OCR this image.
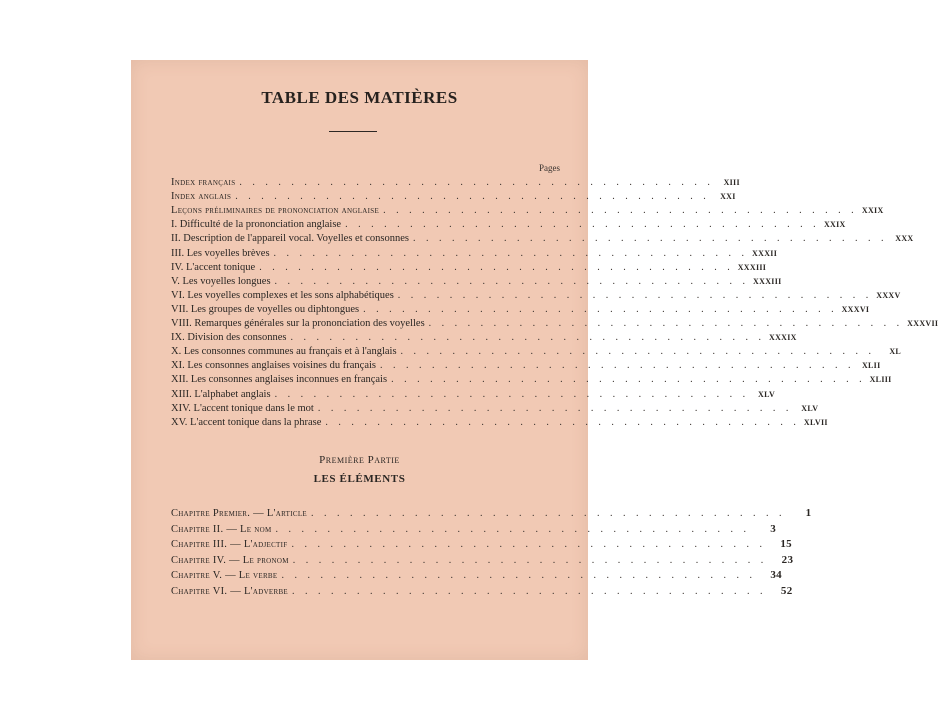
TABLE DES MATIÈRES
Pages
Index français . . . . . . . . . . . . . . . . . . . . . . . . . . . . . . . . . . . . .	XIII
Index anglais . . . . . . . . . . . . . . . . . . . . . . . . . . . . . . . . . . . . .	XXI
Leçons préliminaires de prononciation anglaise . . . . . . . . . . . . . . . . . . . . . . . . . . . . . . . . . . . . . XXIX
I. Difficulté de la prononciation anglaise . . . . . . . . . . . . . . . . . . . . . . . . . . . . . . . . . . . . . XXIX
II. Description de l'appareil vocal. Voyelles et consonnes . . . . . . . . . . . . . . . . . . . . . . . . . . . . . . . . . . . . . XXX
III. Les voyelles brèves . . . . . . . . . . . . . . . . . . . . . . . . . . . . . . . . . . . . . XXXII
IV. L'accent tonique . . . . . . . . . . . . . . . . . . . . . . . . . . . . . . . . . . . . . XXXIII
V. Les voyelles longues . . . . . . . . . . . . . . . . . . . . . . . . . . . . . . . . . . . . . XXXIII
VI. Les voyelles complexes et les sons alphabétiques . . . . . . . . . . . . . . . . . . . . . . . . . . . . . . . . . . . . . XXXV
VII. Les groupes de voyelles ou diphtongues . . . . . . . . . . . . . . . . . . . . . . . . . . . . . . . . . . . . . XXXVI
VIII. Remarques générales sur la prononciation des voyelles . . . . . . . . . . . . . . . . . . . . . . . . . . . . . . . . . . . . . XXXVII
IX. Division des consonnes . . . . . . . . . . . . . . . . . . . . . . . . . . . . . . . . . . . . . XXXIX
X. Les consonnes communes au français et à l'anglais . . . . . . . . . . . . . . . . . . . . . . . . . . . . . . . . . . . . .	XL
XI. Les consonnes anglaises voisines du français . . . . . . . . . . . . . . . . . . . . . . . . . . . . . . . . . . . . . XLII
XII. Les consonnes anglaises inconnues en français . . . . . . . . . . . . . . . . . . . . . . . . . . . . . . . . . . . . . XLIII
XIII. L'alphabet anglais . . . . . . . . . . . . . . . . . . . . . . . . . . . . . . . . . . . . .	XLV
XIV. L'accent tonique dans le mot . . . . . . . . . . . . . . . . . . . . . . . . . . . . . . . . . . . . .	XLV
XV. L'accent tonique dans la phrase . . . . . . . . . . . . . . . . . . . . . . . . . . . . . . . . . . . . . XLVII
Première Partie
LES ÉLÉMENTS
Chapitre Premier. — L'article . . . . . . . . . . . . . . . . . . . . . . . . . . . . . . . . . . . . .	1
Chapitre II. — Le nom . . . . . . . . . . . . . . . . . . . . . . . . . . . . . . . . . . . . .	3
Chapitre III. — L'adjectif . . . . . . . . . . . . . . . . . . . . . . . . . . . . . . . . . . . . .	15
Chapitre IV. — Le pronom . . . . . . . . . . . . . . . . . . . . . . . . . . . . . . . . . . . . .	23
Chapitre V. — Le verbe . . . . . . . . . . . . . . . . . . . . . . . . . . . . . . . . . . . . .	34
Chapitre VI. — L'adverbe . . . . . . . . . . . . . . . . . . . . . . . . . . . . . . . . . . . . .	52
